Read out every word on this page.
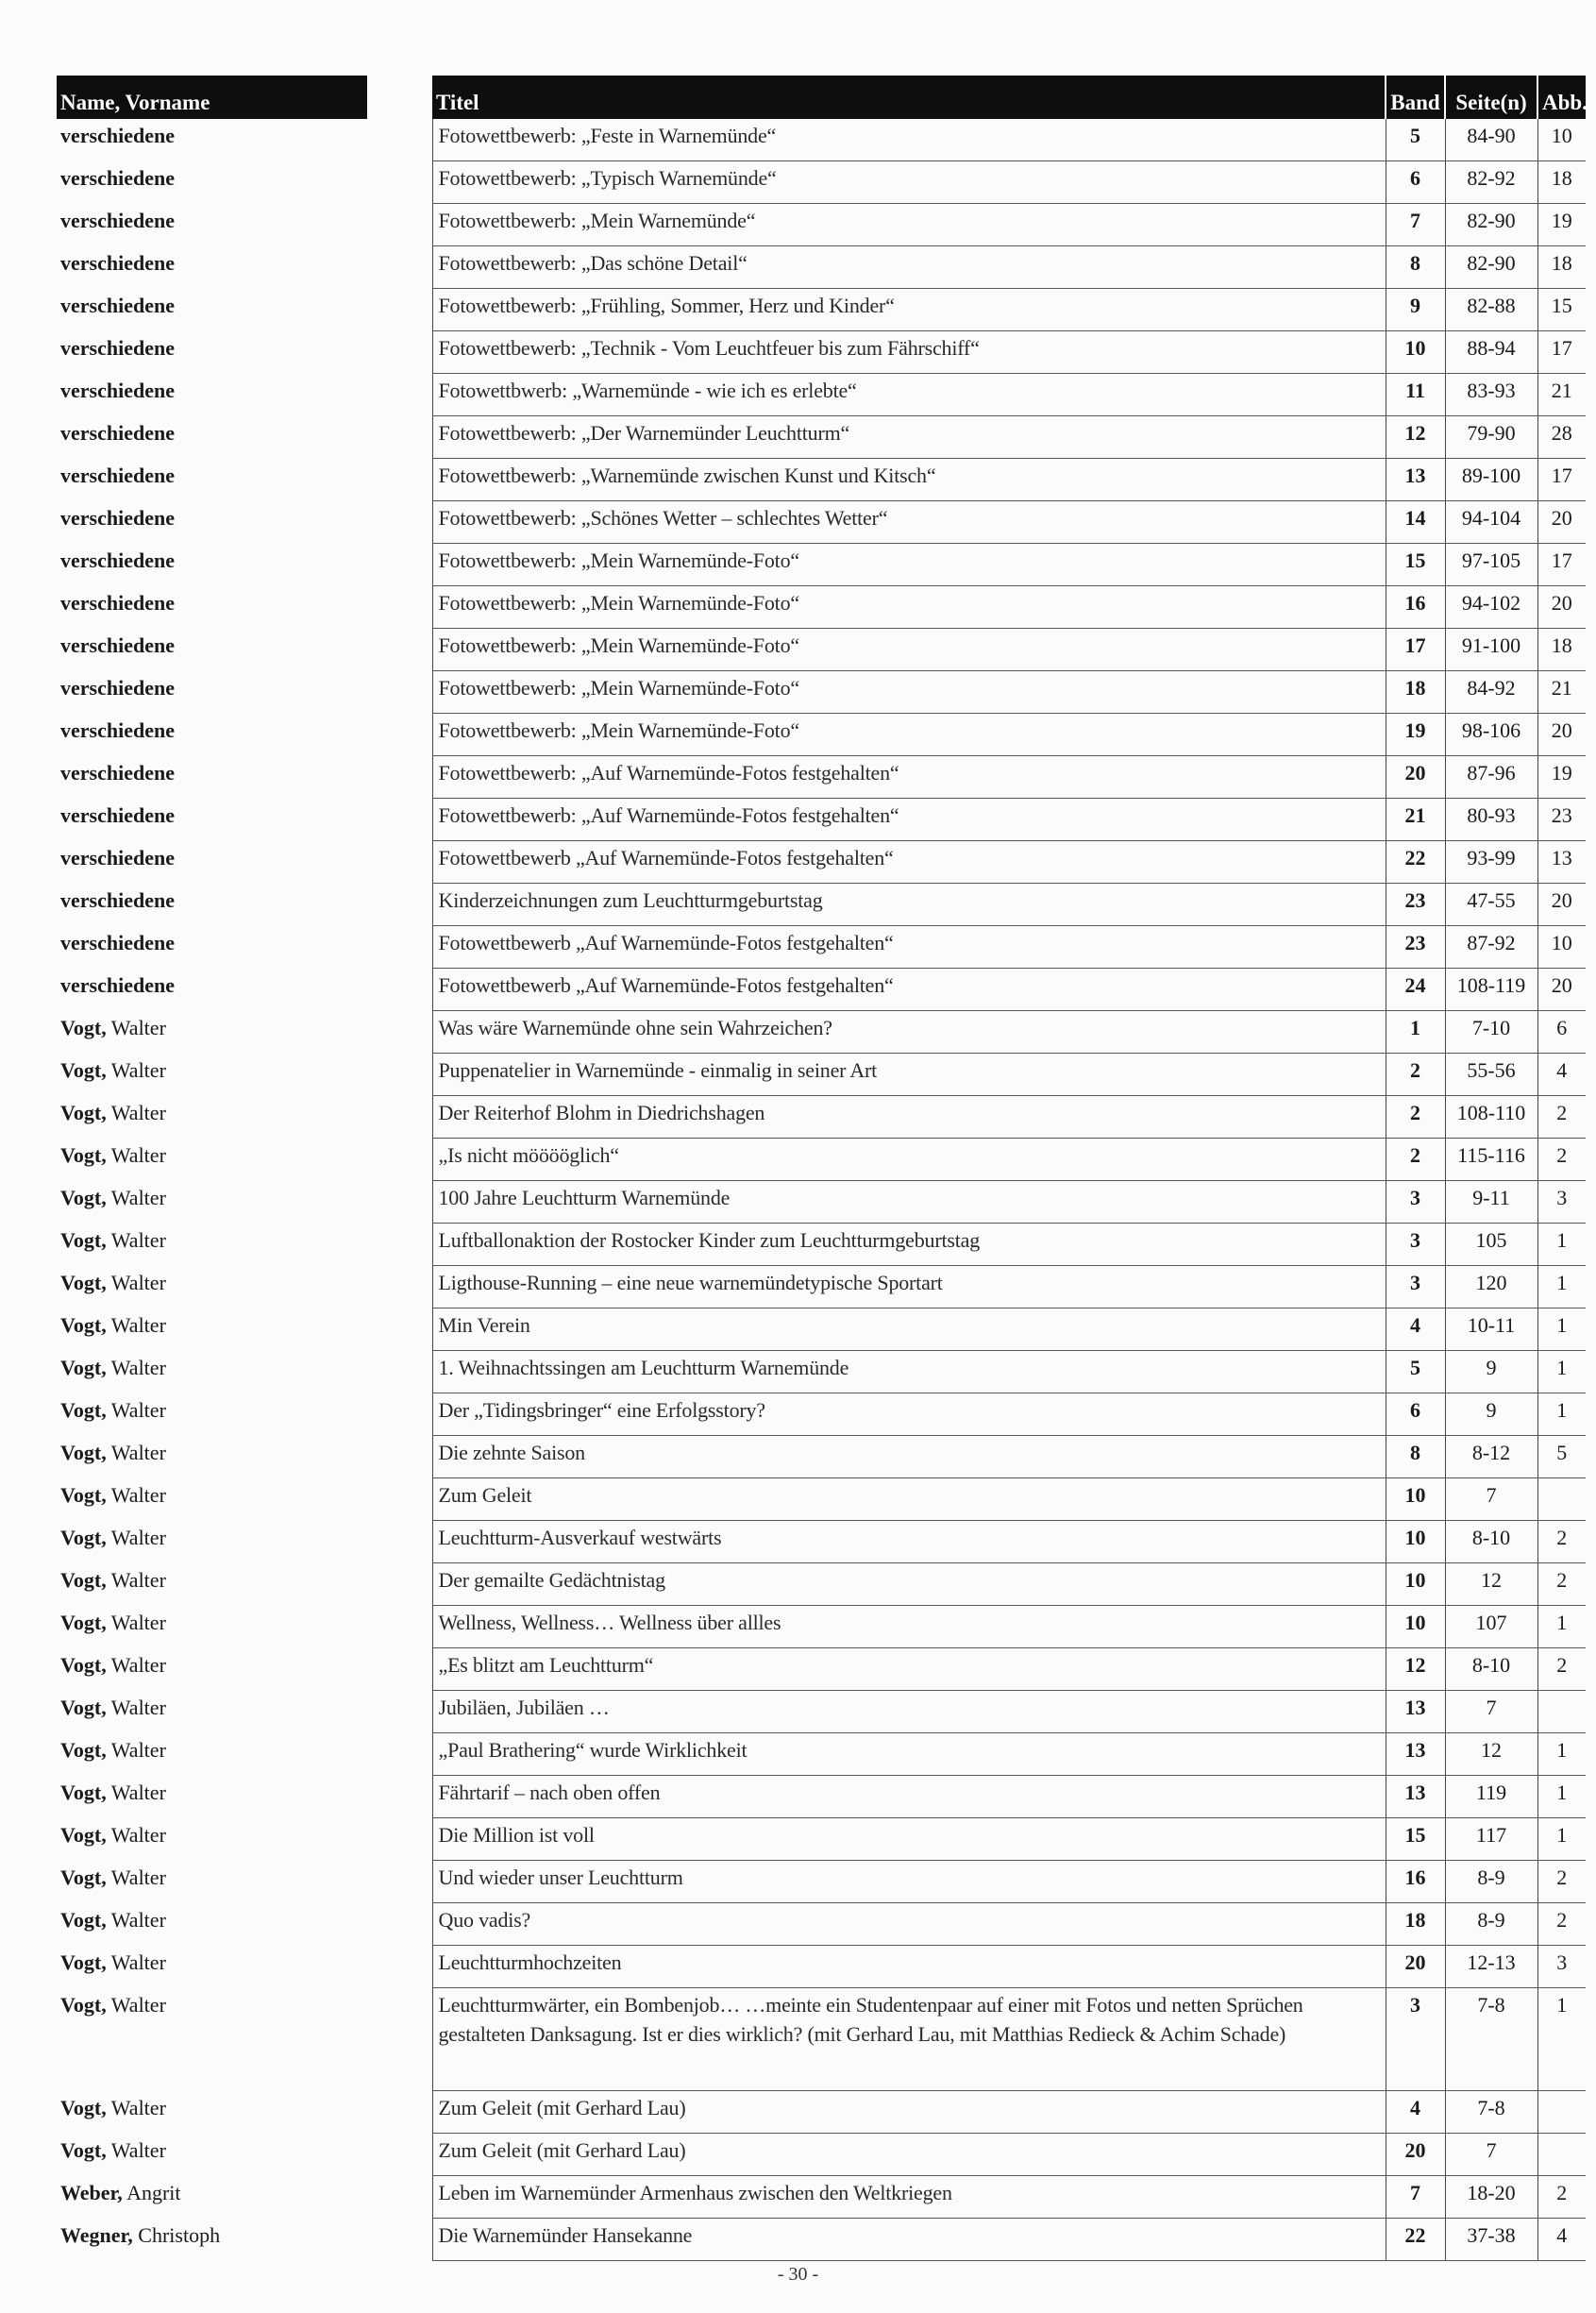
Name, Vorname		Titel	Band	Seite(n)	Abb.
verschiedene		Fotowettbewerb: „Feste in Warnemünde“	5	84-90	10
verschiedene		Fotowettbewerb: „Typisch Warnemünde“	6	82-92	18
verschiedene		Fotowettbewerb: „Mein Warnemünde“	7	82-90	19
verschiedene		Fotowettbewerb: „Das schöne Detail“	8	82-90	18
verschiedene		Fotowettbewerb: „Frühling, Sommer, Herz und Kinder“	9	82-88	15
verschiedene		Fotowettbewerb: „Technik - Vom Leuchtfeuer bis zum Fährschiff“	10	88-94	17
verschiedene		Fotowettbwerb: „Warnemünde - wie ich es erlebte“	11	83-93	21
verschiedene		Fotowettbewerb: „Der Warnemünder Leuchtturm“	12	79-90	28
verschiedene		Fotowettbewerb: „Warnemünde zwischen Kunst und Kitsch“	13	89-100	17
verschiedene		Fotowettbewerb: „Schönes Wetter – schlechtes Wetter“	14	94-104	20
verschiedene		Fotowettbewerb: „Mein Warnemünde-Foto“	15	97-105	17
verschiedene		Fotowettbewerb: „Mein Warnemünde-Foto“	16	94-102	20
verschiedene		Fotowettbewerb: „Mein Warnemünde-Foto“	17	91-100	18
verschiedene		Fotowettbewerb: „Mein Warnemünde-Foto“	18	84-92	21
verschiedene		Fotowettbewerb: „Mein Warnemünde-Foto“	19	98-106	20
verschiedene		Fotowettbewerb: „Auf Warnemünde-Fotos festgehalten“	20	87-96	19
verschiedene		Fotowettbewerb: „Auf Warnemünde-Fotos festgehalten“	21	80-93	23
verschiedene		Fotowettbewerb „Auf Warnemünde-Fotos festgehalten“	22	93-99	13
verschiedene		Kinderzeichnungen zum Leuchtturmgeburtstag	23	47-55	20
verschiedene		Fotowettbewerb „Auf Warnemünde-Fotos festgehalten“	23	87-92	10
verschiedene		Fotowettbewerb „Auf Warnemünde-Fotos festgehalten“	24	108-119	20
Vogt, Walter		Was wäre Warnemünde ohne sein Wahrzeichen?	1	7-10	6
Vogt, Walter		Puppenatelier in Warnemünde - einmalig in seiner Art	2	55-56	4
Vogt, Walter		Der Reiterhof Blohm in Diedrichshagen	2	108-110	2
Vogt, Walter		„Is nicht mööööglich“	2	115-116	2
Vogt, Walter		100 Jahre Leuchtturm Warnemünde	3	9-11	3
Vogt, Walter		Luftballonaktion der Rostocker Kinder zum Leuchtturmgeburtstag	3	105	1
Vogt, Walter		Ligthouse-Running – eine neue warnemündetypische Sportart	3	120	1
Vogt, Walter		Min Verein	4	10-11	1
Vogt, Walter		1. Weihnachtssingen am Leuchtturm Warnemünde	5	9	1
Vogt, Walter		Der „Tidingsbringer“ eine Erfolgsstory?	6	9	1
Vogt, Walter		Die zehnte Saison	8	8-12	5
Vogt, Walter		Zum Geleit	10	7	
Vogt, Walter		Leuchtturm-Ausverkauf westwärts	10	8-10	2
Vogt, Walter		Der gemailte Gedächtnistag	10	12	2
Vogt, Walter		Wellness, Wellness… Wellness über allles	10	107	1
Vogt, Walter		„Es blitzt am Leuchtturm“	12	8-10	2
Vogt, Walter		Jubiläen, Jubiläen …	13	7	
Vogt, Walter		„Paul Brathering“ wurde Wirklichkeit	13	12	1
Vogt, Walter		Fährtarif – nach oben offen	13	119	1
Vogt, Walter		Die Million ist voll	15	117	1
Vogt, Walter		Und wieder unser Leuchtturm	16	8-9	2
Vogt, Walter		Quo vadis?	18	8-9	2
Vogt, Walter		Leuchtturmhochzeiten	20	12-13	3
Vogt, Walter		Leuchtturmwärter, ein Bombenjob… …meinte ein Studentenpaar auf einer mit Fotos und netten Sprüchen gestalteten Danksagung. Ist er dies wirklich? (mit Gerhard Lau, mit Matthias Redieck & Achim Schade)	3	7-8	1
Vogt, Walter		Zum Geleit (mit Gerhard Lau)	4	7-8	
Vogt, Walter		Zum Geleit (mit Gerhard Lau)	20	7	
Weber, Angrit		Leben im Warnemünder Armenhaus zwischen den Weltkriegen	7	18-20	2
Wegner, Christoph		Die Warnemünder Hansekanne	22	37-38	4
- 30 -
